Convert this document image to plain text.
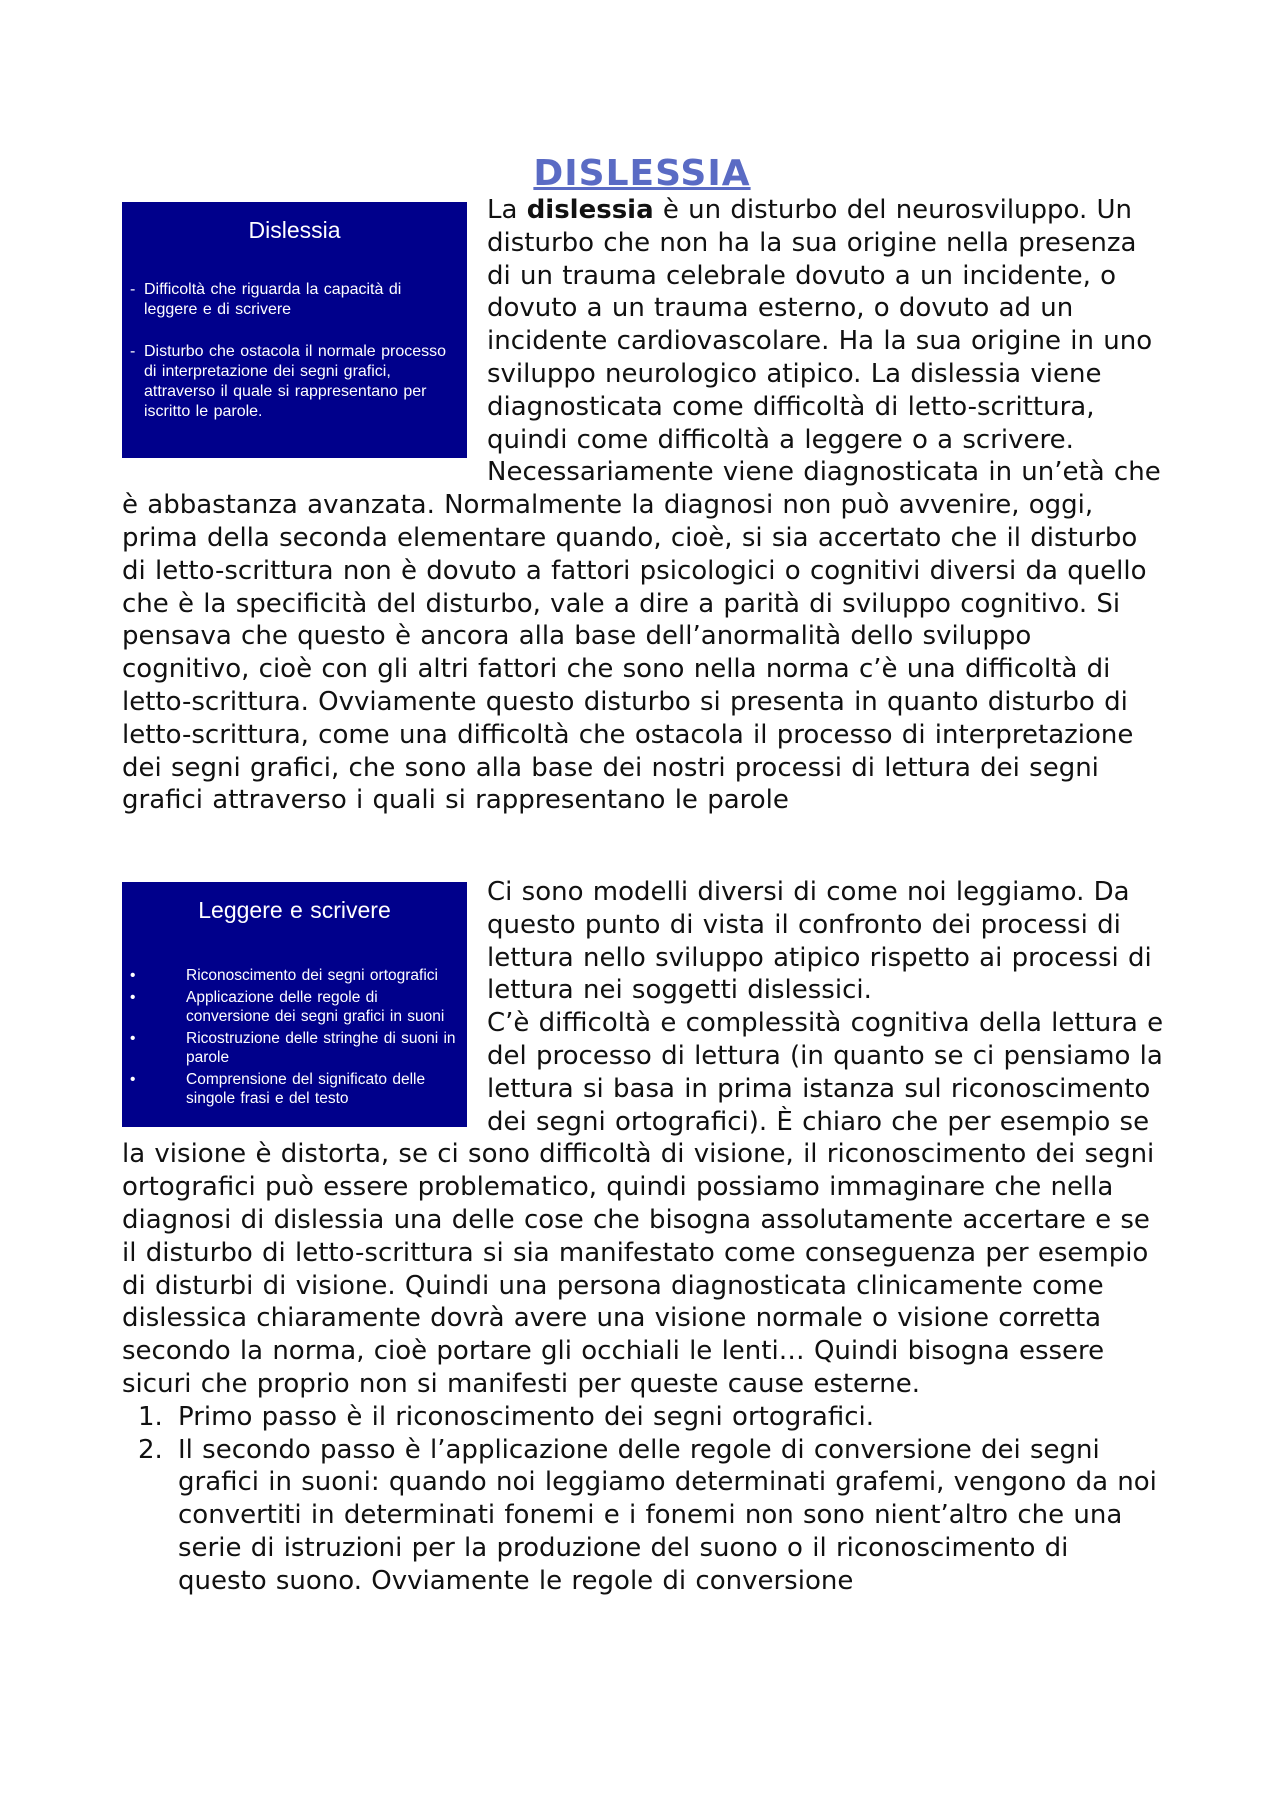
DISLESSIA
Dislessia
- Difficoltà che riguarda la capacità di leggere e di scrivere
- Disturbo che ostacola il normale processo di interpretazione dei segni grafici, attraverso il quale si rappresentano per iscritto le parole.

La dislessia è un disturbo del neurosviluppo. Un disturbo che non ha la sua origine nella presenza di un trauma celebrale dovuto a un incidente, o dovuto a un trauma esterno, o dovuto ad un incidente cardiovascolare. Ha la sua origine in uno sviluppo neurologico atipico. La dislessia viene diagnosticata come difficoltà di letto-scrittura, quindi come difficoltà a leggere o a scrivere. Necessariamente viene diagnosticata in un’età che è abbastanza avanzata. Normalmente la diagnosi non può avvenire, oggi, prima della seconda elementare quando, cioè, si sia accertato che il disturbo di letto-scrittura non è dovuto a fattori psicologici o cognitivi diversi da quello che è la specificità del disturbo, vale a dire a parità di sviluppo cognitivo. Si pensava che questo è ancora alla base dell’anormalità dello sviluppo cognitivo, cioè con gli altri fattori che sono nella norma c’è una difficoltà di letto-scrittura. Ovviamente questo disturbo si presenta in quanto disturbo di letto-scrittura, come una difficoltà che ostacola il processo di interpretazione dei segni grafici, che sono alla base dei nostri processi di lettura dei segni grafici attraverso i quali si rappresentano le parole

Leggere e scrivere
•	Riconoscimento dei segni ortografici
•	Applicazione delle regole di conversione dei segni grafici in suoni
•	Ricostruzione delle stringhe di suoni in parole
•	Comprensione del significato delle singole frasi e del testo

Ci sono modelli diversi di come noi leggiamo. Da questo punto di vista il confronto dei processi di lettura nello sviluppo atipico rispetto ai processi di lettura nei soggetti dislessici.

C’è difficoltà e complessità cognitiva della lettura e del processo di lettura (in quanto se ci pensiamo la lettura si basa in prima istanza sul riconoscimento dei segni ortografici). È chiaro che per esempio se la visione è distorta, se ci sono difficoltà di visione, il riconoscimento dei segni ortografici può essere problematico, quindi possiamo immaginare che nella diagnosi di dislessia una delle cose che bisogna assolutamente accertare e se il disturbo di letto-scrittura si sia manifestato come conseguenza per esempio di disturbi di visione. Quindi una persona diagnosticata clinicamente come dislessica chiaramente dovrà avere una visione normale o visione corretta secondo la norma, cioè portare gli occhiali le lenti… Quindi bisogna essere sicuri che proprio non si manifesti per queste cause esterne.

1. Primo passo è il riconoscimento dei segni ortografici.
2. Il secondo passo è l’applicazione delle regole di conversione dei segni grafici in suoni: quando noi leggiamo determinati grafemi, vengono da noi convertiti in determinati fonemi e i fonemi non sono nient’altro che una serie di istruzioni per la produzione del suono o il riconoscimento di questo suono. Ovviamente le regole di conversione
